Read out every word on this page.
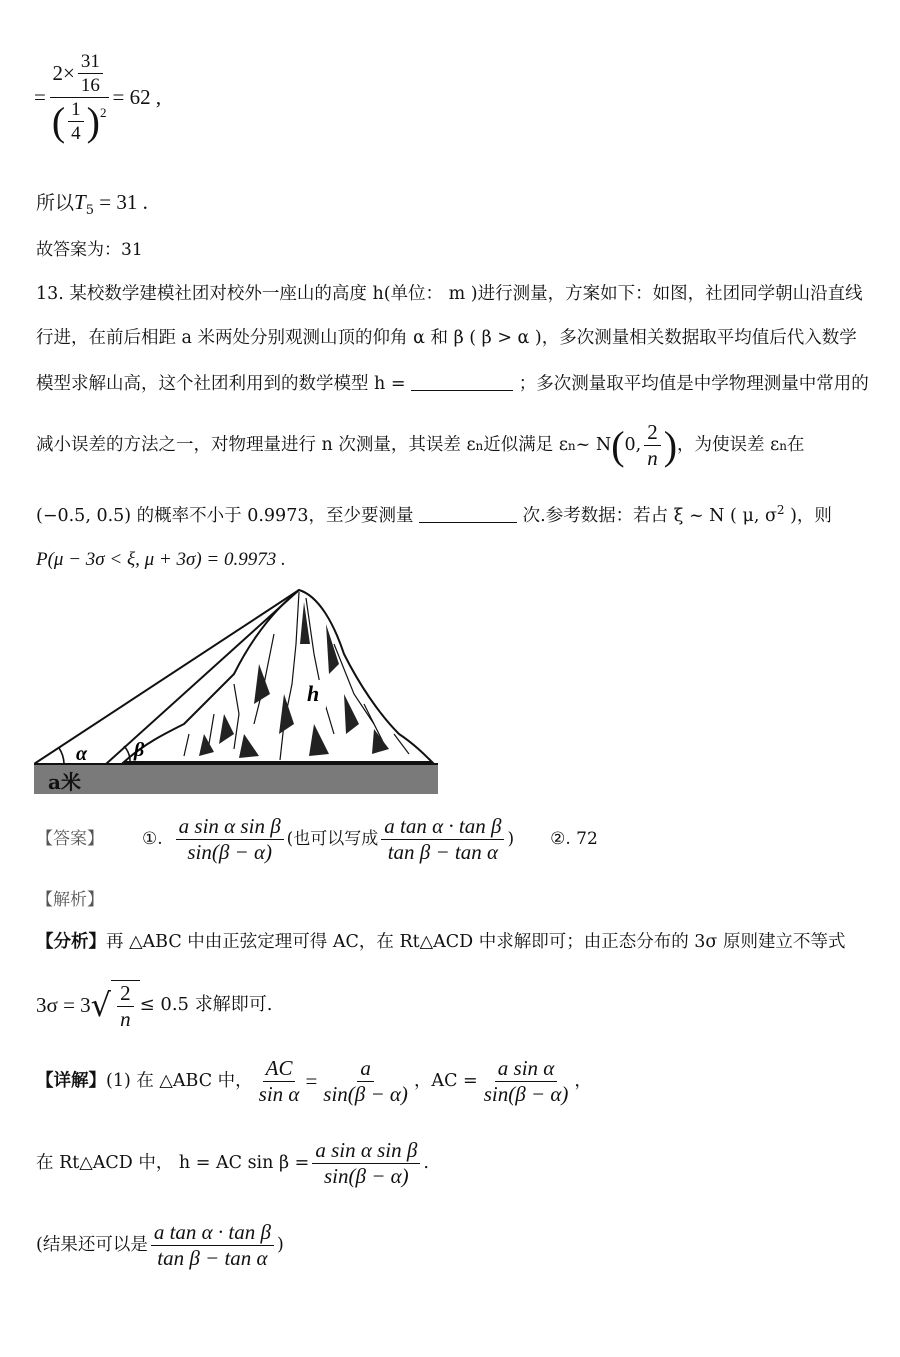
= $\frac{2\times \frac{31}{16}}{( \frac{1}{4} )^2} = 62$ ,
所以$T_5 = 31$ .
故答案为：31
13. 某校数学建模社团对校外一座山的高度 h(单位： m )进行测量，方案如下：如图，社团同学朝山沿直线
行进，在前后相距 a 米两处分别观测山顶的仰角 α 和 β ( β > α )，多次测量相关数据取平均值后代入数学
模型求解山高，这个社团利用到的数学模型 h =	；多次测量取平均值是中学物理测量中常用的
减小误差的方法之一，对物理量进行 n 次测量，其误差 ε n 近似满足 ε n ~ N ( 0, $\frac{2}{n}$ ) ，为使误差 ε n 在
(−0.5, 0.5) 的概率不小于 0.9973，至少要测量	次.参考数据：若占 ξ ~ N ( μ, $\sigma^2$ )，则
P(μ − 3σ < ξ, μ + 3σ) = 0.9973 .
h
α β
a米
【答案】 ①. $\frac{\text{a sin α sin β}}{\sin(\beta - \alpha)}$ (也可以写成 $\frac{\text{a tan α · tan β}}{\text{tan β − tan α}}$ ) ②. 72
【解析】
【分析】再 △ABC 中由正弦定理可得 AC，在 Rt△ACD 中求解即可；由正态分布的 3σ 原则建立不等式
3σ = 3 √ $\frac{2}{n} \le 0.5$ 求解即可.
【详解】 (1) 在 △ABC 中， $\frac{AC}{\text{sin α}} = \frac{a}{\sin(\beta - \alpha)}$ ，AC = $\frac{\text{a sin α}}{\sin(\beta - \alpha)}$ ，
在 Rt△ACD 中， h = AC $\sin \beta = \frac{\text{a sin α sin β}}{\sin(\beta - \alpha)}$ .
(结果还可以是 $\frac{\text{a tan α · tan β}}{\text{tan β − tan α}}$ )
